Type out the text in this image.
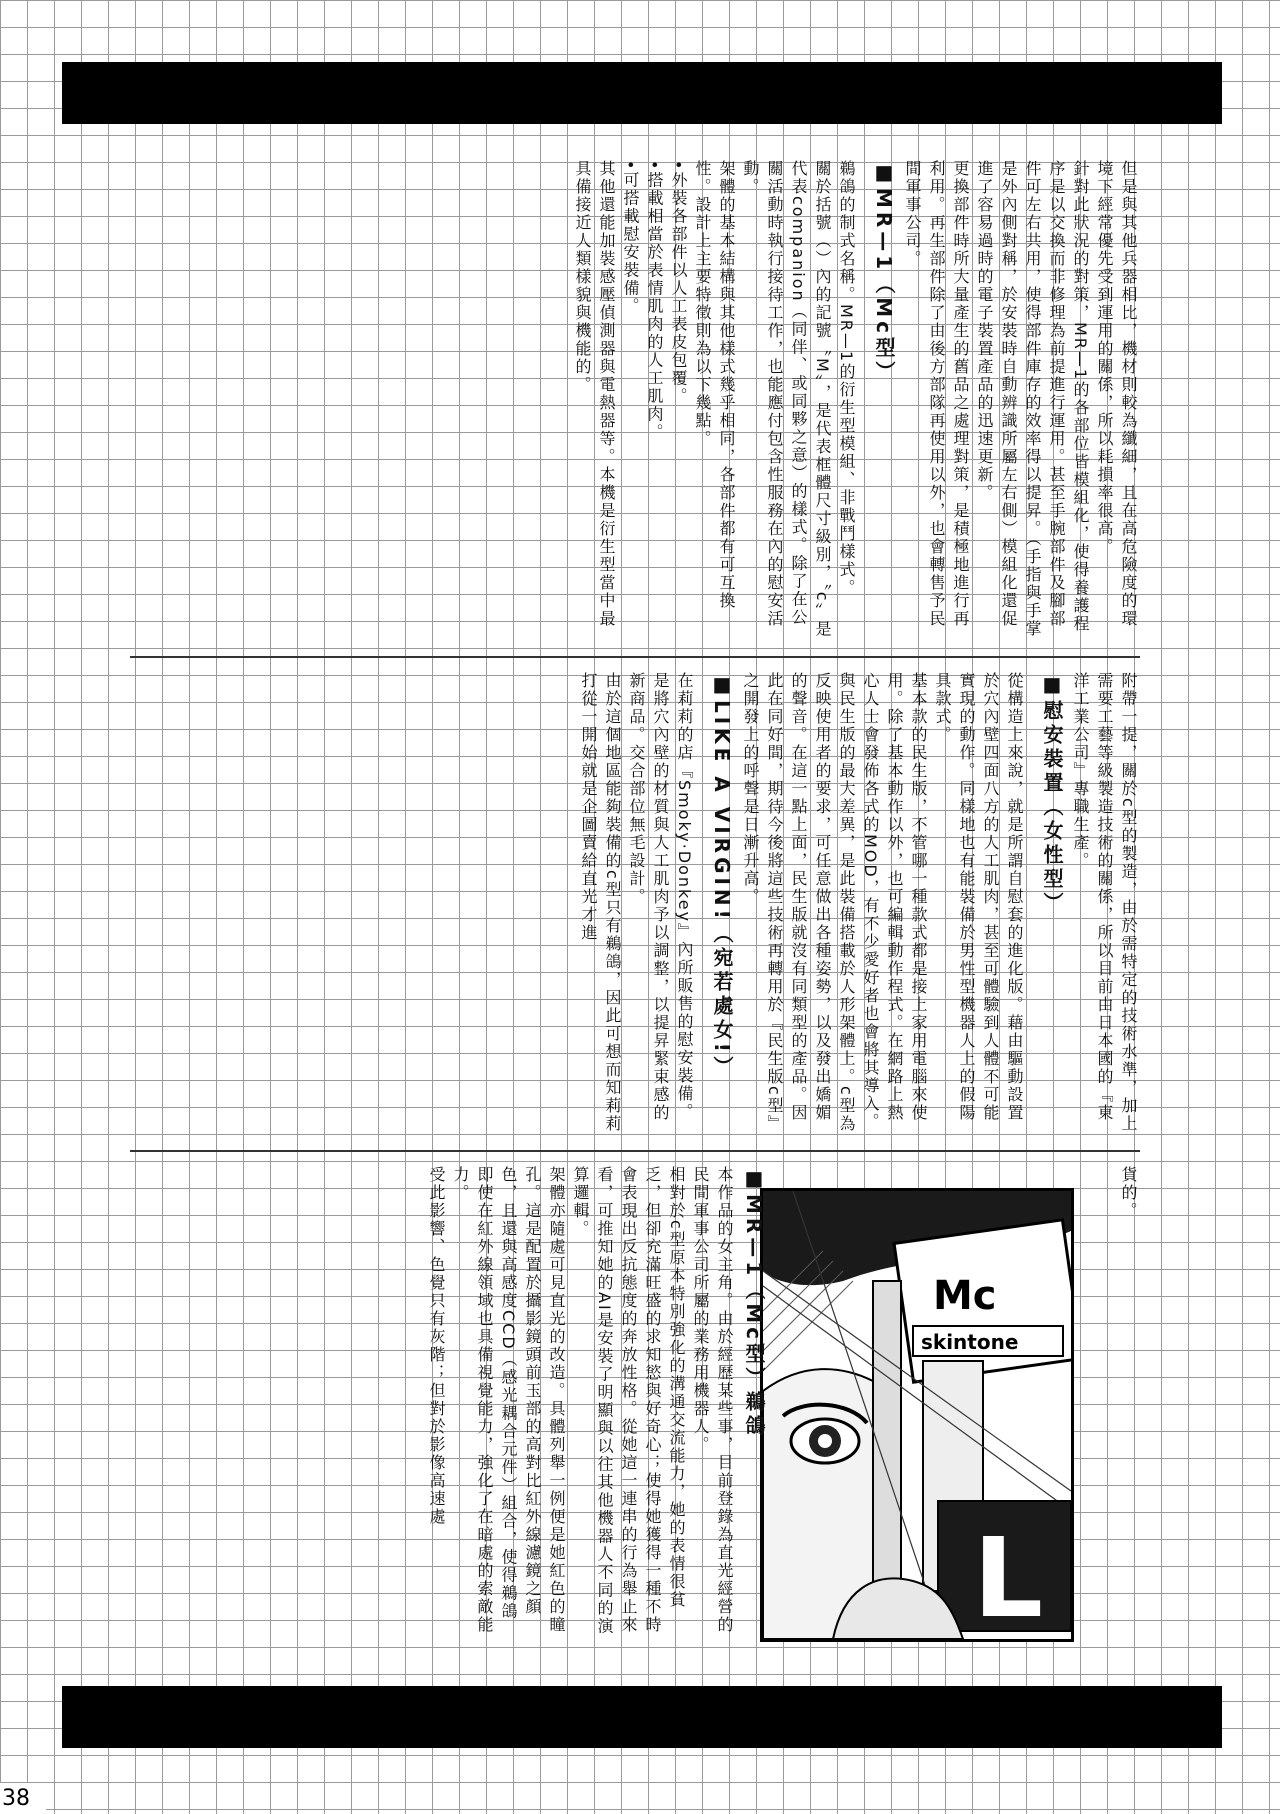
但是與其他兵器相比，機材則較為纖細，且在高危險度的環境下經常優先受到運用的關係，所以耗損率很高。

針對此狀況的對策，MR—1的各部位皆模組化，使得養護程序是以交換而非修理為前提進行運用。甚至手腕部件及腳部件可左右共用，使得部件庫存的效率得以提昇。（手指與手掌是外內側對稱，於安裝時自動辨識所屬左右側）模組化還促進了容易過時的電子裝置產品的迅速更新。

更換部件時所大量產生的舊品之處理對策，是積極地進行再利用。再生部件除了由後方部隊再使用以外，也會轉售予民間軍事公司。

■MR—1（Mc型）

鵜鴿的制式名稱。MR—1的衍生型模組、非戰鬥樣式。

關於括號（）內的記號〝M〞，是代表框體尺寸級別，〝c〞是代表companion（同伴、或同夥之意）的樣式。除了在公關活動時執行接待工作，也能應付包含性服務在內的慰安活動。

架體的基本結構與其他樣式幾乎相同，各部件都有可互換性。設計上主要特徵則為以下幾點。

•外裝各部件以人工表皮包覆。

•搭載相當於表情肌肉的人工肌肉。

•可搭載慰安裝備。

其他還能加裝感壓偵測器與電熱器等。本機是衍生型當中最具備接近人類樣貌與機能的。

附帶一提，關於c型的製造，由於需特定的技術水準，加上需要工藝等級製造技術的關係，所以目前由日本國的『東洋工業公司』專職生產。

■慰安裝置（女性型）

從構造上來說，就是所謂自慰套的進化版。藉由驅動設置於穴內壁四面八方的人工肌肉，甚至可體驗到人體不可能實現的動作。同樣地也有能裝備於男性型機器人上的假陽具款式。

基本款的民生版，不管哪一種款式都是接上家用電腦來使用。除了基本動作以外，也可編輯動作程式。在網路上熱心人士會發佈各式的MOD，有不少愛好者也會將其導入。

與民生版的最大差異，是此裝備搭載於人形架體上。c型為反映使用者的要求，可任意做出各種姿勢，以及發出嬌媚的聲音。在這一點上面，民生版就沒有同類型的產品。因此在同好間，期待今後將這些技術再轉用於『民生版c型』之開發上的呼聲是日漸升高。

■LIKE A VIRGIN!（宛若處女!）

在莉莉的店『Smoky·Donkey』內所販售的慰安裝備。是將穴內壁的材質與人工肌肉予以調整，以提昇緊束感的新商品。交合部位無毛設計。

由於這個地區能夠裝備的c型只有鵜鴿，因此可想而知莉莉打從一開始就是企圖賣給直光才進

貨的。

Mc
skintone
L

■MR—1（Mc型）鵜鴿

本作品的女主角。由於經歷某些事，目前登錄為直光經營的民間軍事公司所屬的業務用機器人。

相對於c型原本特別強化的溝通交流能力，她的表情很貧乏，但卻充滿旺盛的求知慾與好奇心；使得她獲得一種不時會表現出反抗態度的奔放性格。從她這一連串的行為舉止來看，可推知她的AI是安裝了明顯與以往其他機器人不同的演算邏輯。

架體亦隨處可見直光的改造。具體列舉一例便是她紅色的瞳孔。這是配置於攝影鏡頭前玉部的高對比紅外線濾鏡之顏色，且還與高感度CCD（感光耦合元件）組合，使得鵜鴿即使在紅外線領域也具備視覺能力，強化了在暗處的索敵能力。

受此影響、色覺只有灰階；但對於影像高速處

38
